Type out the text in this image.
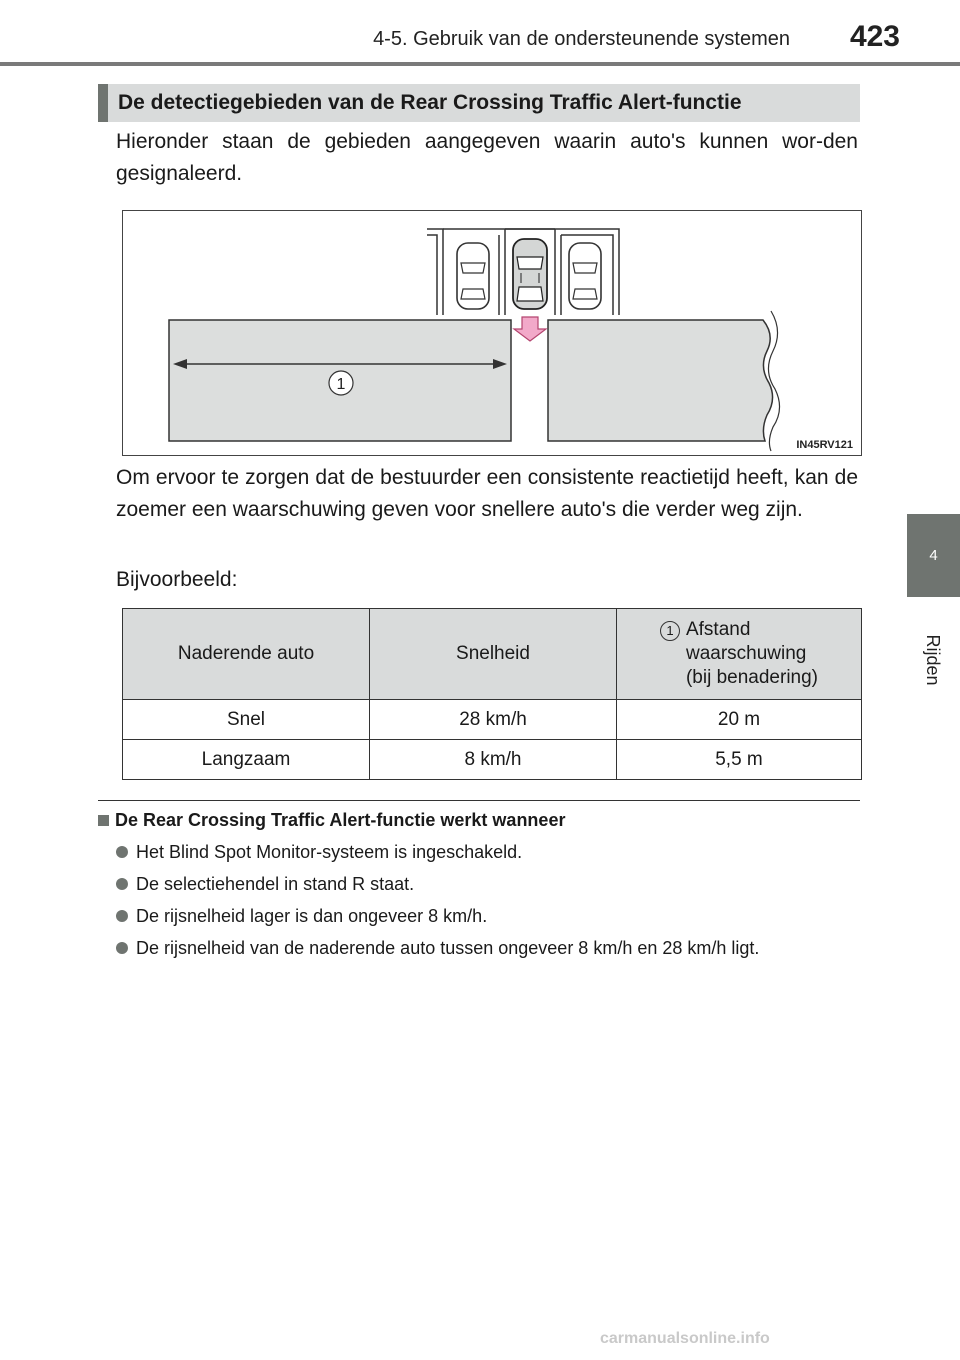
4-5. Gebruik van de ondersteunende systemen	423
4
Rijden
De detectiegebieden van de Rear Crossing Traffic Alert-functie

Hieronder staan de gebieden aangegeven waarin auto's kunnen wor-den gesignaleerd.

1
IN45RV121

Om ervoor te zorgen dat de bestuurder een consistente reactietijd heeft, kan de zoemer een waarschuwing geven voor snellere auto's die verder weg zijn.

Bijvoorbeeld:

Naderende auto	Snelheid	1 Afstand
waarschuwing
(bij benadering)

Snel	28 km/h	20 m
Langzaam	8 km/h	5,5 m
De Rear Crossing Traffic Alert-functie werkt wanneer
Het Blind Spot Monitor-systeem is ingeschakeld.
De selectiehendel in stand R staat.
De rijsnelheid lager is dan ongeveer 8 km/h.
De rijsnelheid van de naderende auto tussen ongeveer 8 km/h en 28 km/h ligt.
carmanualsonline.info
